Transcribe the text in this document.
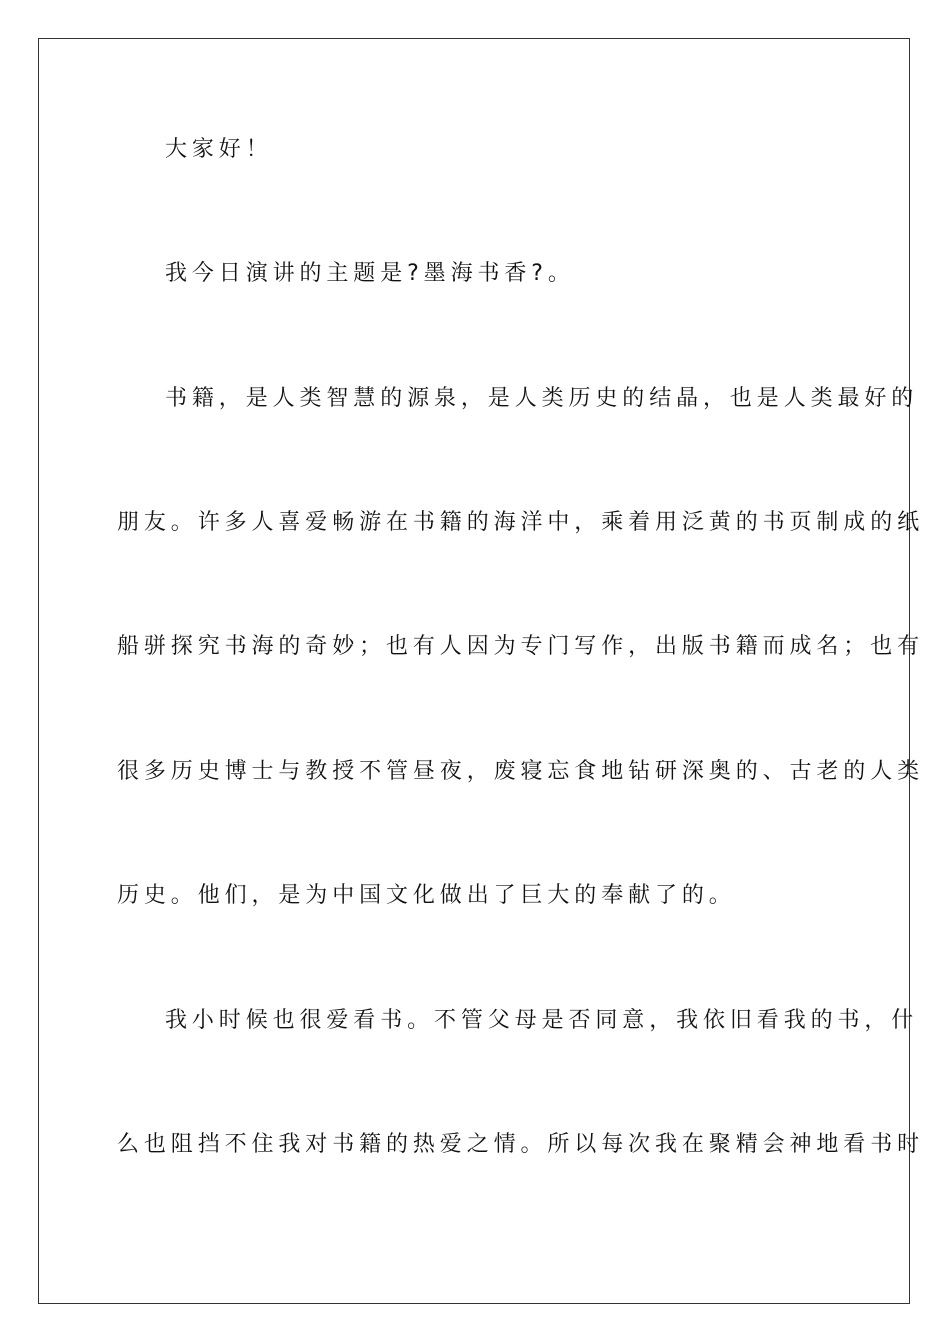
大家好！
我今日演讲的主题是?墨海书香?。
书籍，是人类智慧的源泉，是人类历史的结晶，也是人类最好的
朋友。许多人喜爱畅游在书籍的海洋中，乘着用泛黄的书页制成的纸
船骈探究书海的奇妙；也有人因为专门写作，出版书籍而成名；也有
很多历史博士与教授不管昼夜，废寝忘食地钻研深奥的、古老的人类
历史。他们，是为中国文化做出了巨大的奉献了的。
我小时候也很爱看书。不管父母是否同意，我依旧看我的书，什
么也阻挡不住我对书籍的热爱之情。所以每次我在聚精会神地看书时
